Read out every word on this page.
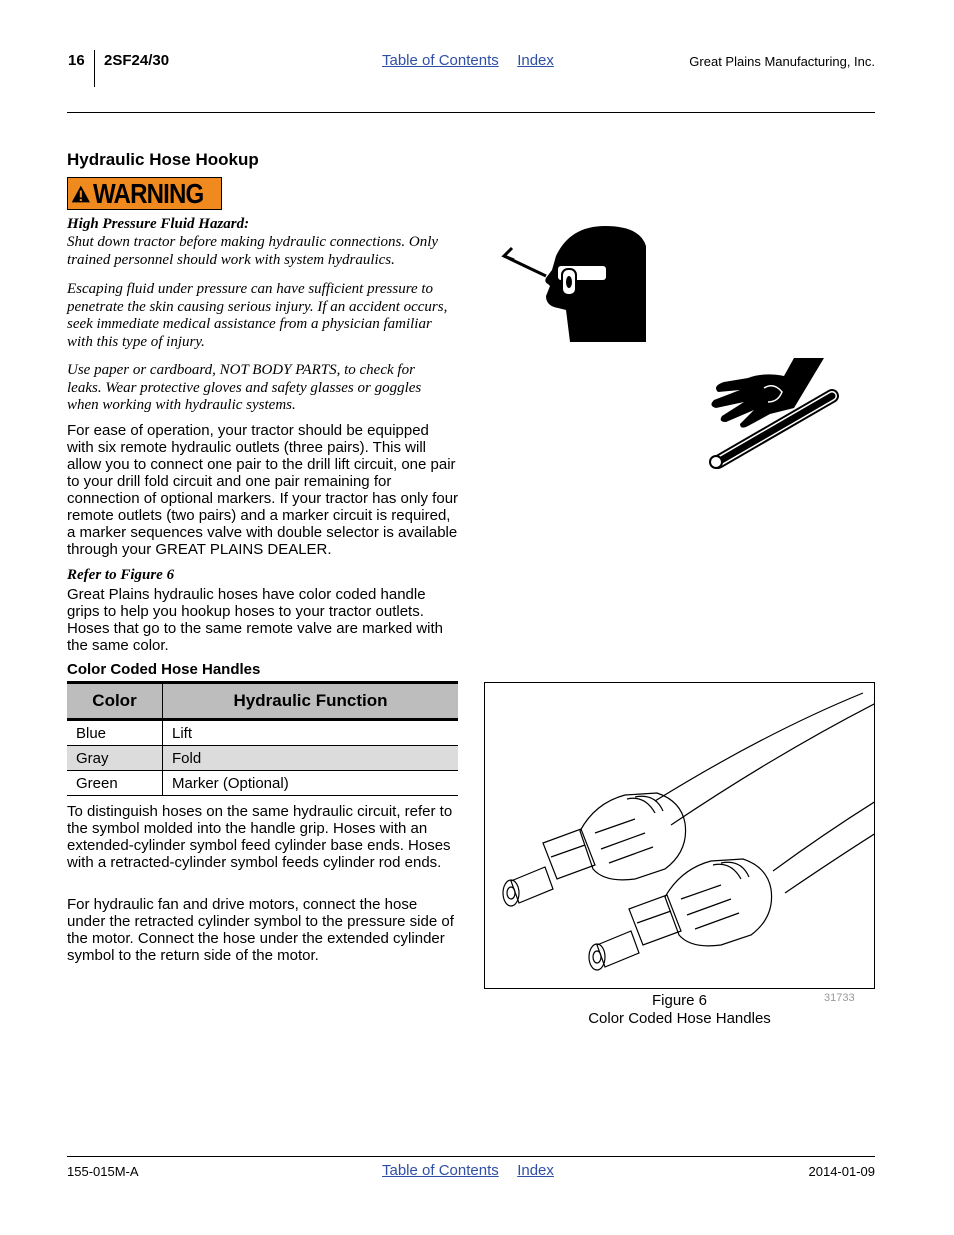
16 2SF24/30	Table of Contents Index	Great Plains Manufacturing, Inc.
Hydraulic Hose Hookup
WARNING
High Pressure Fluid Hazard:
Shut down tractor before making hydraulic connections. Only trained personnel should work with system hydraulics.
Escaping fluid under pressure can have sufficient pressure to penetrate the skin causing serious injury. If an accident occurs, seek immediate medical assistance from a physician familiar with this type of injury.
Use paper or cardboard, NOT BODY PARTS, to check for leaks. Wear protective gloves and safety glasses or goggles when working with hydraulic systems.
For ease of operation, your tractor should be equipped with six remote hydraulic outlets (three pairs). This will allow you to connect one pair to the drill lift circuit, one pair to your drill fold circuit and one pair remaining for connection of optional markers. If your tractor has only four remote outlets (two pairs) and a marker circuit is required, a marker sequences valve with double selector is available through your GREAT PLAINS DEALER.
Refer to Figure 6
Great Plains hydraulic hoses have color coded handle grips to help you hookup hoses to your tractor outlets. Hoses that go to the same remote valve are marked with the same color.
Color Coded Hose Handles
Color	Hydraulic Function
Blue	Lift
Gray	Fold
Green	Marker (Optional)
To distinguish hoses on the same hydraulic circuit, refer to the symbol molded into the handle grip. Hoses with an extended-cylinder symbol feed cylinder base ends. Hoses with a retracted-cylinder symbol feeds cylinder rod ends.
For hydraulic fan and drive motors, connect the hose under the retracted cylinder symbol to the pressure side of the motor. Connect the hose under the extended cylinder symbol to the return side of the motor.
Figure 6
Color Coded Hose Handles
31733
155-015M-A	Table of Contents Index	2014-01-09
